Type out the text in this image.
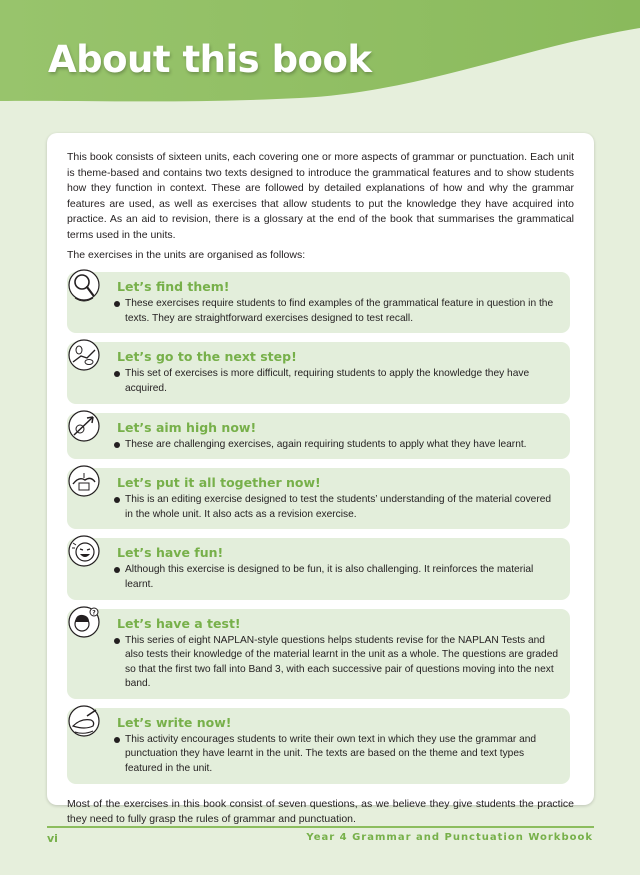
About this book

This book consists of sixteen units, each covering one or more aspects of grammar or punctuation. Each unit is theme-based and contains two texts designed to introduce the grammatical features and to show students how they function in context. These are followed by detailed explanations of how and why the grammar features are used, as well as exercises that allow students to put the knowledge they have acquired into practice. As an aid to revision, there is a glossary at the end of the book that summarises the grammatical terms used in the units.

The exercises in the units are organised as follows:

Let’s find them!
These exercises require students to find examples of the grammatical feature in question in the texts. They are straightforward exercises designed to test recall.
Let’s go to the next step!
This set of exercises is more difficult, requiring students to apply the knowledge they have acquired.
Let’s aim high now!
These are challenging exercises, again requiring students to apply what they have learnt.
Let’s put it all together now!
This is an editing exercise designed to test the students’ understanding of the material covered in the whole unit. It also acts as a revision exercise.
Let’s have fun!
Although this exercise is designed to be fun, it is also challenging. It reinforces the material learnt.
?
Let’s have a test!
This series of eight NAPLAN-style questions helps students revise for the NAPLAN Tests and also tests their knowledge of the material learnt in the unit as a whole. The questions are graded so that the first two fall into Band 3, with each successive pair of questions moving into the next band.
Let’s write now!
This activity encourages students to write their own text in which they use the grammar and punctuation they have learnt in the unit. The texts are based on the theme and text types featured in the unit.

Most of the exercises in this book consist of seven questions, as we believe they give students the practice they need to fully grasp the rules of grammar and punctuation.

vi	Year 4 Grammar and Punctuation Workbook
